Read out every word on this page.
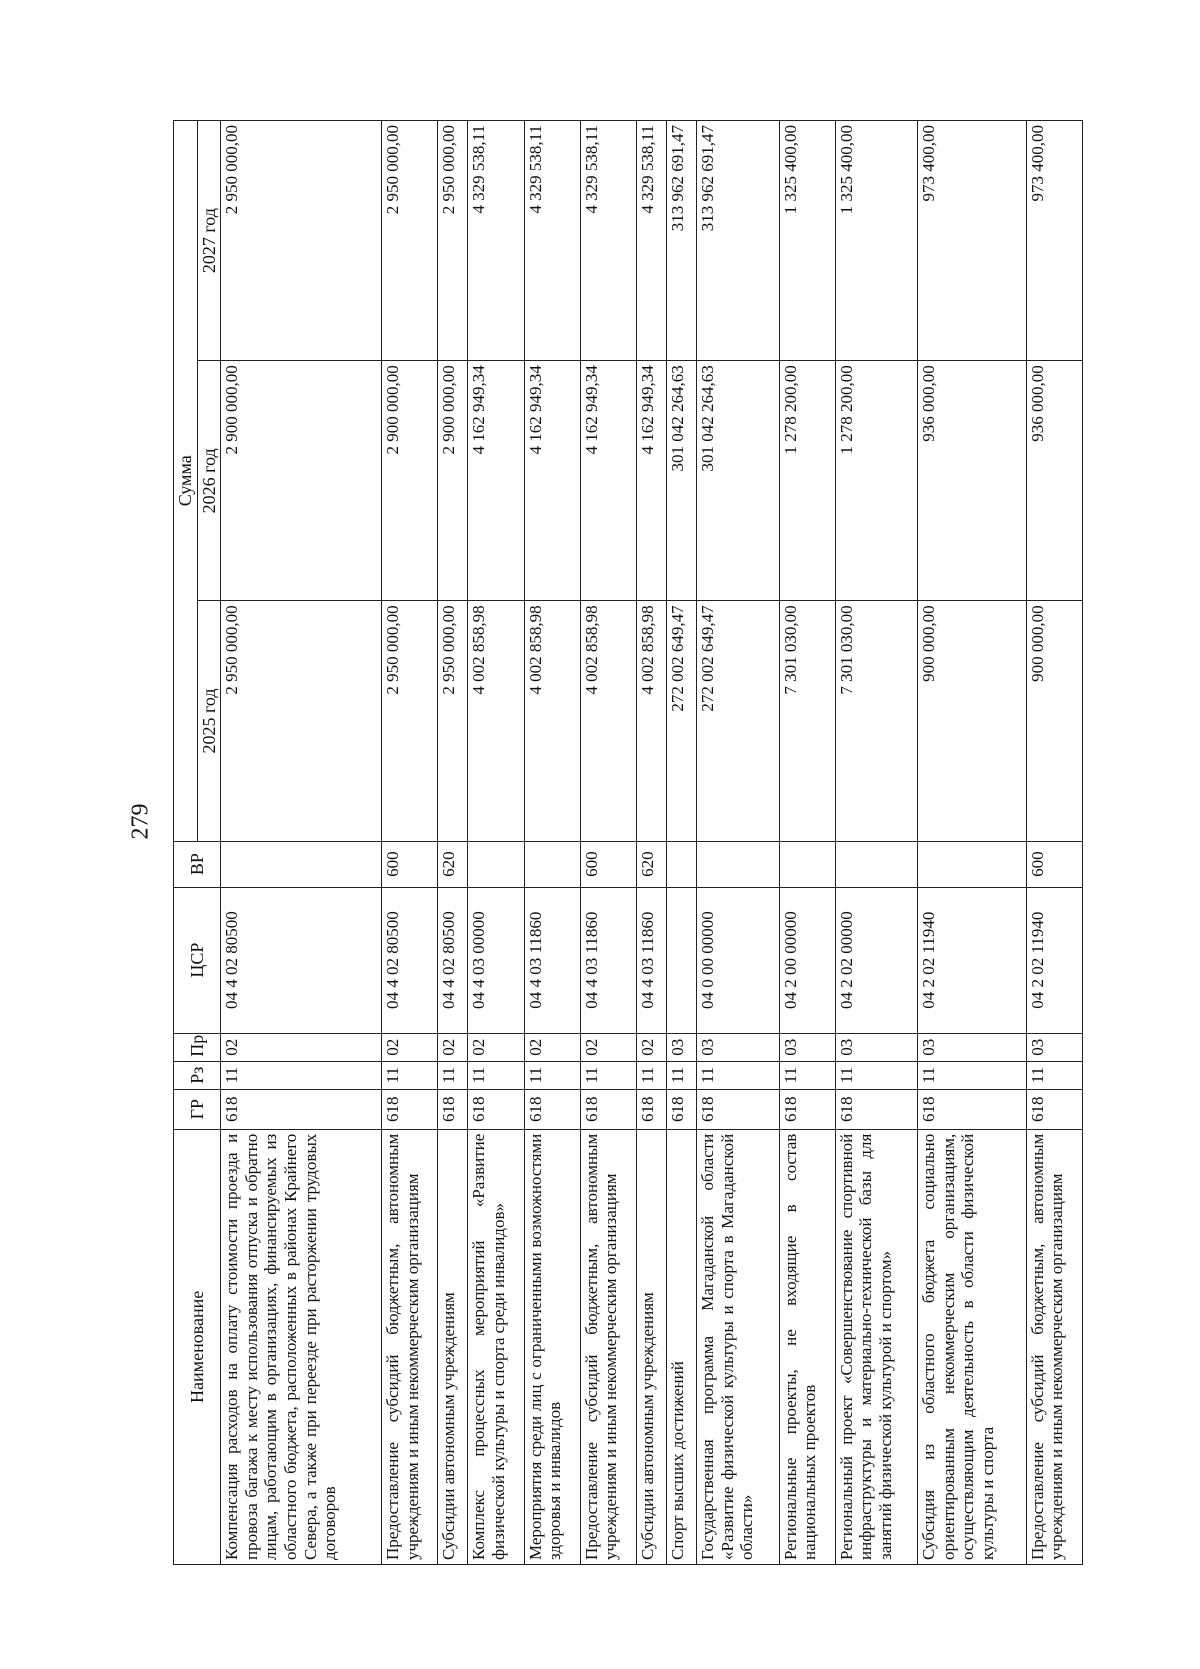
279
Наименование	ГР	Рз	Пр	ЦСР	ВР	Сумма		
						2025 год	2026 год	2027 год
Компенсация расходов на оплату стоимости проезда и провоза багажа к месту использования отпуска и обратно лицам, работающим в организациях, финансируемых из областного бюджета, расположенных в районах Крайнего Севера, а также при переезде при расторжении трудовых договоров	618	11	02	04 4 02 80500		2 950 000,00	2 900 000,00	2 950 000,00
Предоставление субсидий бюджетным, автономным учреждениям и иным некоммерческим организациям	618	11	02	04 4 02 80500	600	2 950 000,00	2 900 000,00	2 950 000,00
Субсидии автономным учреждениям	618	11	02	04 4 02 80500	620	2 950 000,00	2 900 000,00	2 950 000,00
Комплекс процессных мероприятий «Развитие физической культуры и спорта среди инвалидов»	618	11	02	04 4 03 00000		4 002 858,98	4 162 949,34	4 329 538,11
Мероприятия среди лиц с ограниченными возможностями здоровья и инвалидов	618	11	02	04 4 03 11860		4 002 858,98	4 162 949,34	4 329 538,11
Предоставление субсидий бюджетным, автономным учреждениям и иным некоммерческим организациям	618	11	02	04 4 03 11860	600	4 002 858,98	4 162 949,34	4 329 538,11
Субсидии автономным учреждениям	618	11	02	04 4 03 11860	620	4 002 858,98	4 162 949,34	4 329 538,11
Спорт высших достижений	618	11	03			272 002 649,47	301 042 264,63	313 962 691,47
Государственная программа Магаданской области «Развитие физической культуры и спорта в Магаданской области»	618	11	03	04 0 00 00000		272 002 649,47	301 042 264,63	313 962 691,47
Региональные проекты, не входящие в состав национальных проектов	618	11	03	04 2 00 00000		7 301 030,00	1 278 200,00	1 325 400,00
Региональный проект «Совершенствование спортивной инфраструктуры и материально-технической базы для занятий физической культурой и спортом»	618	11	03	04 2 02 00000		7 301 030,00	1 278 200,00	1 325 400,00
Субсидия из областного бюджета социально ориентированным некоммерческим организациям, осуществляющим деятельность в области физической культуры и спорта	618	11	03	04 2 02 11940		900 000,00	936 000,00	973 400,00
Предоставление субсидий бюджетным, автономным учреждениям и иным некоммерческим организациям	618	11	03	04 2 02 11940	600	900 000,00	936 000,00	973 400,00
